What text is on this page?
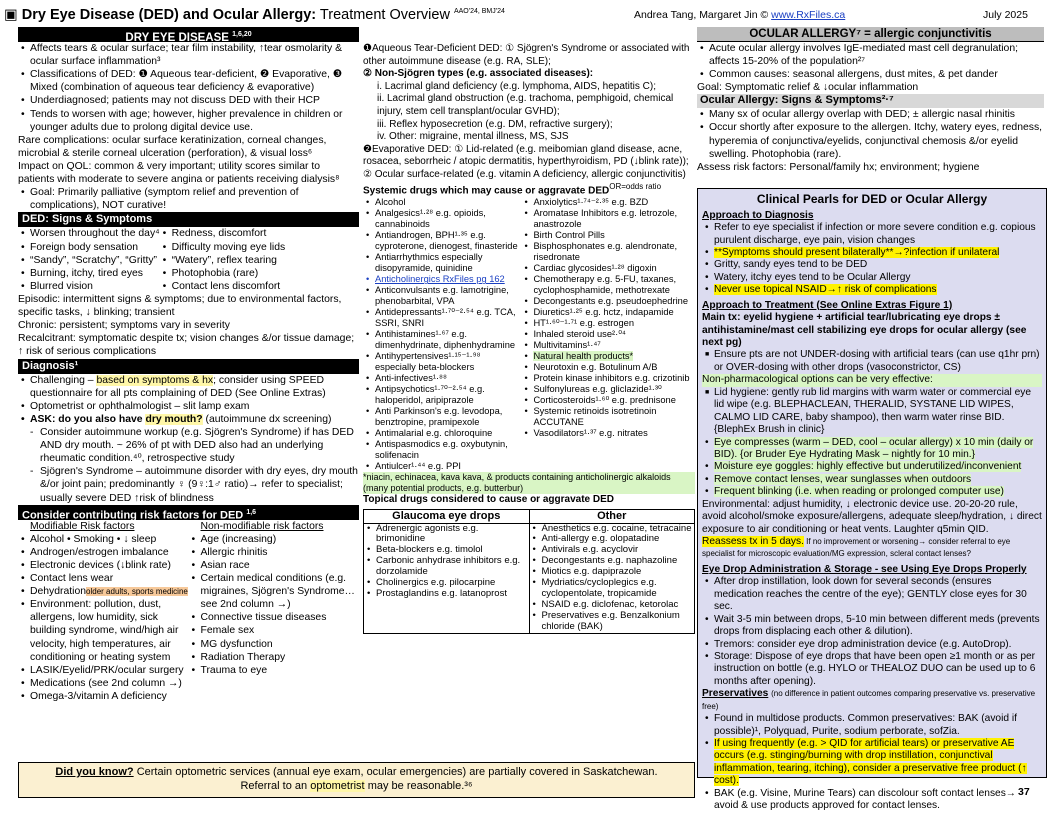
▣ Dry Eye Disease (DED) and Ocular Allergy: Treatment Overview $^{AAO'24, BMJ'24}$	Andrea Tang, Margaret Jin © www.RxFiles.ca	July 2025
DRY EYE DISEASE $^{1,6,20}$
• Affects tears & ocular surface; tear film instability, ↑tear osmolarity & ocular surface inflammation³
• Classifications of DED: ❶ Aqueous tear-deficient, ❷ Evaporative, ❸ Mixed (combination of aqueous tear deficiency & evaporative)
• Underdiagnosed; patients may not discuss DED with their HCP
• Tends to worsen with age; however, higher prevalence in children or younger adults due to prolong digital device use.
Rare complications: ocular surface keratinization, corneal changes, microbial & sterile corneal ulceration (perforation), & visual loss⁶
Impact on QOL: common & very important; utility scores similar to patients with moderate to severe angina or patients receiving dialysis⁸
• Goal: Primarily palliative (symptom relief and prevention of complications), NOT curative!
DED: Signs & Symptoms
• Worsen throughout the day⁴
• Foreign body sensation
• “Sandy”, “Scratchy”, “Gritty”
• Burning, itchy, tired eyes
• Blurred vision
• Redness, discomfort
• Difficulty moving eye lids
• “Watery”, reflex tearing
• Photophobia (rare)
• Contact lens discomfort
Episodic: intermittent signs & symptoms; due to environmental factors, specific tasks, ↓ blinking; transient
Chronic: persistent; symptoms vary in severity
Recalcitrant: symptomatic despite tx; vision changes &/or tissue damage; ↑ risk of serious complications
Diagnosis¹
• Challenging – based on symptoms & hx; consider using SPEED questionnaire for all pts complaining of DED (See Online Extras)
• Optometrist or ophthalmologist – slit lamp exam
• ASK: do you also have dry mouth? (autoimmune dx screening)
- Consider autoimmune workup (e.g. Sjögren's Syndrome) if has DED AND dry mouth. ~ 26% of pt with DED also had an underlying rheumatic condition.⁴⁰, retrospective study
- Sjögren's Syndrome – autoimmune disorder with dry eyes, dry mouth &/or joint pain; predominantly ♀ (9♀:1♂ ratio)→ refer to specialist; usually severe DED ↑risk of blindness
Consider contributing risk factors for DED $^{1,6}$
Modifiable Risk factors
• Alcohol • Smoking • ↓ sleep
• Androgen/estrogen imbalance
• Electronic devices (↓blink rate)
• Contact lens wear
• Dehydrationolder adults, sports medicine
• Environment: pollution, dust, allergens, low humidity, sick building syndrome, wind/high air velocity, high temperatures, air conditioning or heating system
• LASIK/Eyelid/PRK/ocular surgery
• Medications (see 2nd column →)
• Omega-3/vitamin A deficiency
Non-modifiable risk factors
• Age (increasing)
• Allergic rhinitis
• Asian race
• Certain medical conditions (e.g. migraines, Sjögren's Syndrome… see 2nd column →)
• Connective tissue diseases
• Female sex
• MG dysfunction
• Radiation Therapy
• Trauma to eye
❶Aqueous Tear-Deficient DED: ① Sjögren's Syndrome or associated with other autoimmune disease (e.g. RA, SLE);
② Non-Sjögren types (e.g. associated diseases):
i. Lacrimal gland deficiency (e.g. lymphoma, AIDS, hepatitis C);
ii. Lacrimal gland obstruction (e.g. trachoma, pemphigoid, chemical injury, stem cell transplant/ocular GVHD);
iii. Reflex hyposecretion (e.g. DM, refractive surgery);
iv. Other: migraine, mental illness, MS, SJS
❷Evaporative DED: ① Lid-related (e.g. meibomian gland disease, acne, rosacea, seborrheic / atopic dermatitis, hyperthyroidism, PD (↓blink rate));
② Ocular surface-related (e.g. vitamin A deficiency, allergic conjunctivitis)
Systemic drugs which may cause or aggravate $DED^{OR=odds ratio}$
• Alcohol
• Analgesics¹·²⁸ e.g. opioids, cannabinoids
• Antiandrogen, BPH¹·³⁵ e.g. cyproterone, dienogest, finasteride
• Antiarrhythmics especially disopyramide, quinidine
• Anticholinergics RxFiles pg 162
• Anticonvulsants e.g. lamotrigine, phenobarbital, VPA
• Antidepressants¹·⁷⁰⁻²·⁵⁴ e.g. TCA, SSRI, SNRI
• Antihistamines¹·⁶⁷ e.g. dimenhydrinate, diphenhydramine
• Antihypertensives¹·¹⁵⁻¹·⁹⁸ especially beta-blockers
• Anti-infectives¹·⁸⁸
• Antipsychotics¹·⁷⁰⁻²·⁵⁴ e.g. haloperidol, aripiprazole
• Anti Parkinson's e.g. levodopa, benztropine, pramipexole
• Antimalarial e.g. chloroquine
• Antispasmodics e.g. oxybutynin, solifenacin
• Antiulcer¹·⁴⁴ e.g. PPI
• Anxiolytics¹·⁷⁴⁻²·³⁵ e.g. BZD
• Aromatase Inhibitors e.g. letrozole, anastrozole
• Birth Control Pills
• Bisphosphonates e.g. alendronate, risedronate
• Cardiac glycosides¹·²⁸ digoxin
• Chemotherapy e.g. 5-FU, taxanes, cyclophosphamide, methotrexate
• Decongestants e.g. pseudoephedrine
• Diuretics¹·²⁵ e.g. hctz, indapamide
• HT¹·⁶⁰⁻¹·⁷¹ e.g. estrogen
• Inhaled steroid use²·⁰⁴
• Multivitamins¹·⁴⁷
• Natural health products*
• Neurotoxin e.g. Botulinum A/B
• Protein kinase inhibitors e.g. crizotinib
• Sulfonylureas e.g. gliclazide¹·³⁰
• Corticosteroids¹·⁶⁰ e.g. prednisone
• Systemic retinoids isotretinoin ACCUTANE
• Vasodilators¹·³⁷ e.g. nitrates
*niacin, echinacea, kava kava, & products containing anticholinergic alkaloids (many potential products, e.g. butterbur)
Topical drugs considered to cause or aggravate DED
Glaucoma eye drops
• Adrenergic agonists e.g. brimonidine
• Beta-blockers e.g. timolol
• Carbonic anhydrase inhibitors e.g. dorzolamide
• Cholinergics e.g. pilocarpine
• Prostaglandins e.g. latanoprost
Other
• Anesthetics e.g. cocaine, tetracaine
• Anti-allergy e.g. olopatadine
• Antivirals e.g. acyclovir
• Decongestants e.g. naphazoline
• Miotics e.g. dapiprazole
• Mydriatics/cycloplegics e.g. cyclopentolate, tropicamide
• NSAID e.g. diclofenac, ketorolac
• Preservatives e.g. Benzalkonium chloride (BAK)
OCULAR ALLERGY⁷ = allergic conjunctivitis
• Acute ocular allergy involves IgE-mediated mast cell degranulation; affects 15-20% of the population²⁷
• Common causes: seasonal allergens, dust mites, & pet dander
Goal: Symptomatic relief & ↓ocular inflammation
Ocular Allergy: Signs & Symptoms²·⁷
• Many sx of ocular allergy overlap with DED; ± allergic nasal rhinitis
• Occur shortly after exposure to the allergen. Itchy, watery eyes, redness, hyperemia of conjunctiva/eyelids, conjunctival chemosis &/or eyelid swelling. Photophobia (rare).
Assess risk factors: Personal/family hx; environment; hygiene
Clinical Pearls for DED or Ocular Allergy
Approach to Diagnosis
• Refer to eye specialist if infection or more severe condition e.g. copious purulent discharge, eye pain, vision changes
• **Symptoms should present bilaterally**→?infection if unilateral
• Gritty, sandy eyes tend to be DED
• Watery, itchy eyes tend to be Ocular Allergy
• Never use topical NSAID→↑ risk of complications
Approach to Treatment (See Online Extras Figure 1)
Main tx: eyelid hygiene + artificial tear/lubricating eye drops ± antihistamine/mast cell stabilizing eye drops for ocular allergy (see next pg)
■ Ensure pts are not UNDER-dosing with artificial tears (can use q1hr prn) or OVER-dosing with other drops (vasoconstrictor, CS)
Non-pharmacological options can be very effective:
■ Lid hygiene: gently rub lid margins with warm water or commercial eye lid wipe (e.g. BLEPHACLEAN, THERALID, SYSTANE LID WIPES, CALMO LID CARE, baby shampoo), then warm water rinse BID. {BlephEx Brush in clinic}
• Eye compresses (warm – DED, cool – ocular allergy) x 10 min (daily or BID). {or Bruder Eye Hydrating Mask – nightly for 10 min.}
• Moisture eye goggles: highly effective but underutilized/inconvenient
• Remove contact lenses, wear sunglasses when outdoors
• Frequent blinking (i.e. when reading or prolonged computer use)
Environmental: adjust humidity, ↓ electronic device use. 20-20-20 rule, avoid alcohol/smoke exposure/allergens, adequate sleep/hydration, ↓ direct exposure to air conditioning or heat vents. Laughter q5min QID.
Reassess tx in 5 days. If no improvement or worsening→ consider referral to eye specialist for microscopic evaluation/MG expression, scleral contact lenses?
Eye Drop Administration & Storage - see Using Eye Drops Properly
• After drop instillation, look down for several seconds (ensures medication reaches the centre of the eye); GENTLY close eyes for 30 sec.
• Wait 3-5 min between drops, 5-10 min between different meds (prevents drops from displacing each other & dilution).
• Tremors: consider eye drop administration device (e.g. AutoDrop).
• Storage: Dispose of eye drops that have been open ≥1 month or as per instruction on bottle (e.g. HYLO or THEALOZ DUO can be used up to 6 months after opening).
Preservatives (no difference in patient outcomes comparing preservative vs. preservative free)
• Found in multidose products. Common preservatives: BAK (avoid if possible)¹, Polyquad, Purite, sodium perborate, sofZia.
• If using frequently (e.g. > QID for artificial tears) or preservative AE occurs (e.g. stinging/burning with drop instillation, conjunctival inflammation, tearing, itching), consider a preservative free product (↑ cost).
• BAK (e.g. Visine, Murine Tears) can discolour soft contact lenses→ avoid & use products approved for contact lenses.
Did you know? Certain optometric services (annual eye exam, ocular emergencies) are partially covered in Saskatchewan.
Referral to an optometrist may be reasonable.³⁶
37
